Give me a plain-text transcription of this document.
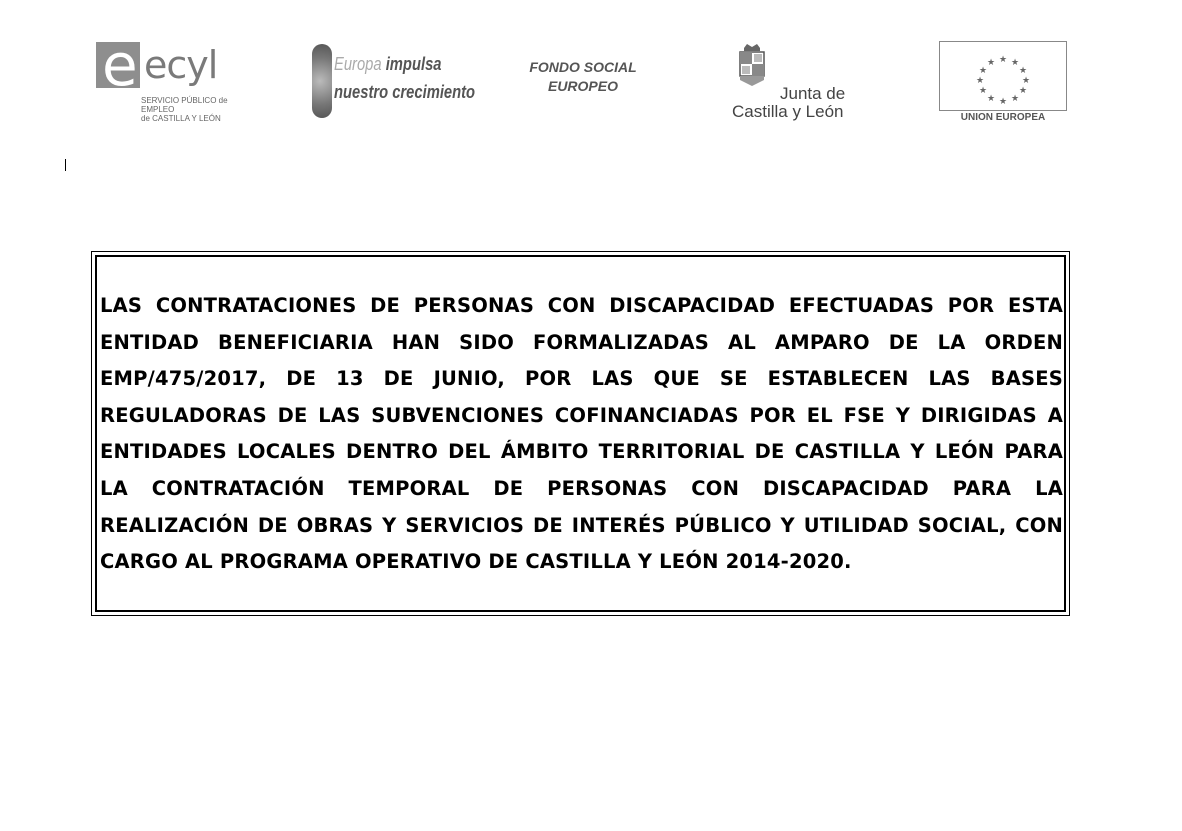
e ecyl
SERVICIO PÚBLICO de EMPLEO
de CASTILLA Y LEÓN
Europa impulsa
nuestro crecimiento
FONDO SOCIAL
EUROPEO	Junta de
Castilla y León
★ ★
★
★
★
★
★
★
★
★
★
★
UNION EUROPEA

LAS CONTRATACIONES DE PERSONAS CON DISCAPACIDAD EFECTUADAS POR ESTA ENTIDAD BENEFICIARIA HAN SIDO FORMALIZADAS AL AMPARO DE LA ORDEN EMP/475/2017, DE 13 DE JUNIO, POR LAS QUE SE ESTABLECEN LAS BASES REGULADORAS DE LAS SUBVENCIONES COFINANCIADAS POR EL FSE Y DIRIGIDAS A ENTIDADES LOCALES DENTRO DEL ÁMBITO TERRITORIAL DE CASTILLA Y LEÓN PARA LA CONTRATACIÓN TEMPORAL DE PERSONAS CON DISCAPACIDAD PARA LA REALIZACIÓN DE OBRAS Y SERVICIOS DE INTERÉS PÚBLICO Y UTILIDAD SOCIAL, CON CARGO AL PROGRAMA OPERATIVO DE CASTILLA Y LEÓN 2014-2020.
